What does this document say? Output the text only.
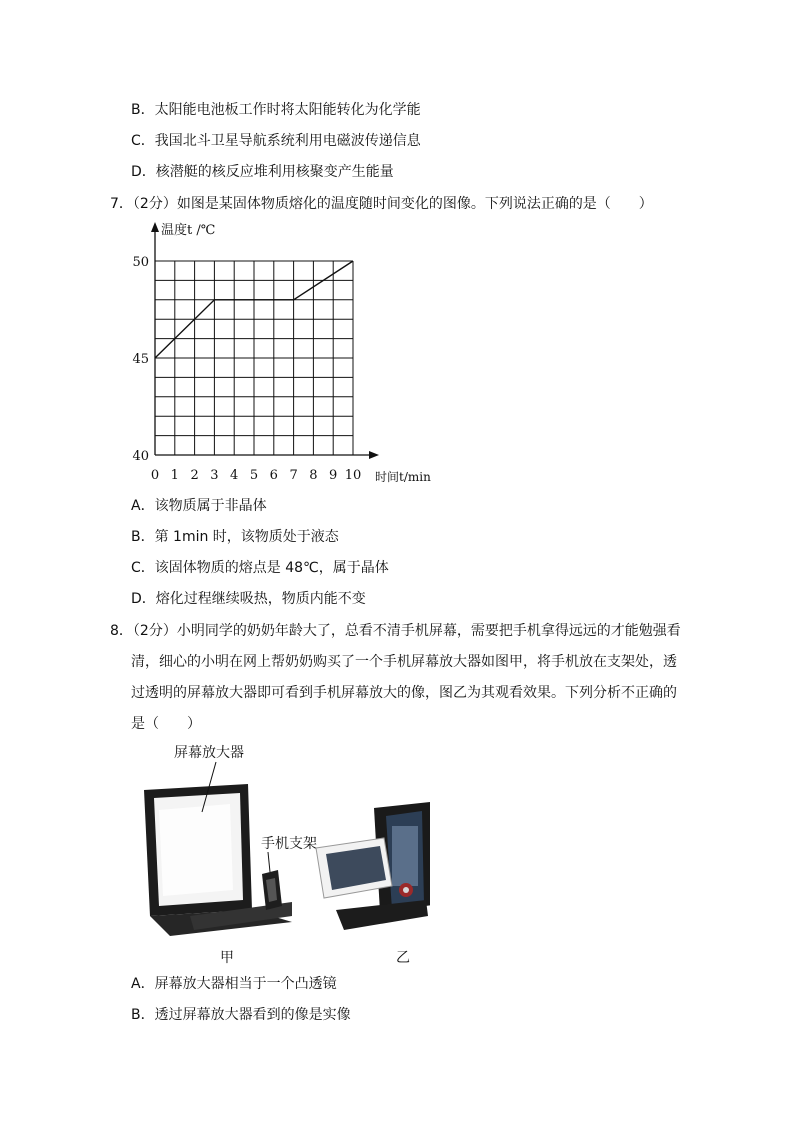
B．太阳能电池板工作时将太阳能转化为化学能
C．我国北斗卫星导航系统利用电磁波传递信息
D．核潜艇的核反应堆利用核聚变产生能量
7．（2分）如图是某固体物质熔化的温度随时间变化的图像。下列说法正确的是（　　）
40
45
50
0 1 2 3 4 5 6 7 8 9 10
温度t /℃
时间t/min
A．该物质属于非晶体
B．第 1min 时，该物质处于液态
C．该固体物质的熔点是 48℃，属于晶体
D．熔化过程继续吸热，物质内能不变
8．（2分）小明同学的奶奶年龄大了，总看不清手机屏幕，需要把手机拿得远远的才能勉强看
清，细心的小明在网上帮奶奶购买了一个手机屏幕放大器如图甲，将手机放在支架处，透
过透明的屏幕放大器即可看到手机屏幕放大的像，图乙为其观看效果。下列分析不正确的
是（　　）
屏幕放大器
手机支架
甲	乙
A．屏幕放大器相当于一个凸透镜
B．透过屏幕放大器看到的像是实像
